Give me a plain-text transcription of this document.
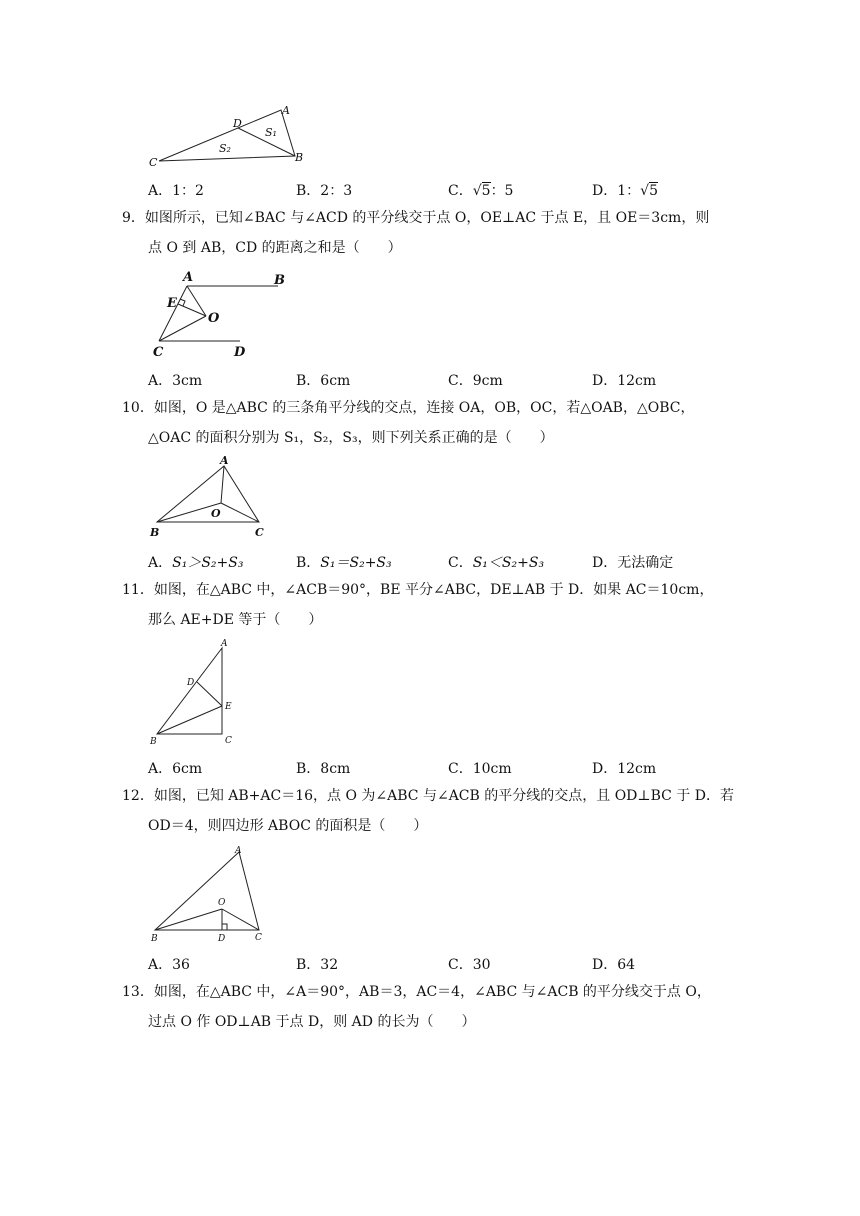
A
B
C
D
S₁
S₂
A．1：2	B．2：3	C．√5：5	D．1：√5
9．如图所示，已知∠BAC 与∠ACD 的平分线交于点 O，OE⊥AC 于点 E，且 OE＝3cm，则
点 O 到 AB，CD 的距离之和是（　　）
A	B
C	D
E
O
A．3cm	B．6cm	C．9cm	D．12cm
10．如图，O 是△ABC 的三条角平分线的交点，连接 OA，OB，OC，若△OAB，△OBC，
△OAC 的面积分别为 S₁，S₂，S₃，则下列关系正确的是（　　）
A
B	C
O
A．S₁＞S₂+S₃	B．S₁＝S₂+S₃	C．S₁＜S₂+S₃	D．无法确定
11．如图，在△ABC 中，∠ACB＝90°，BE 平分∠ABC，DE⊥AB 于 D．如果 AC＝10cm，
那么 AE+DE 等于（　　）
A
B	C
D
E
A．6cm	B．8cm	C．10cm	D．12cm
12．如图，已知 AB+AC＝16，点 O 为∠ABC 与∠ACB 的平分线的交点，且 OD⊥BC 于 D．若
OD＝4，则四边形 ABOC 的面积是（　　）
A
B	C
D
O
A．36	B．32	C．30	D．64
13．如图，在△ABC 中，∠A＝90°，AB＝3，AC＝4，∠ABC 与∠ACB 的平分线交于点 O，
过点 O 作 OD⊥AB 于点 D，则 AD 的长为（　　）
